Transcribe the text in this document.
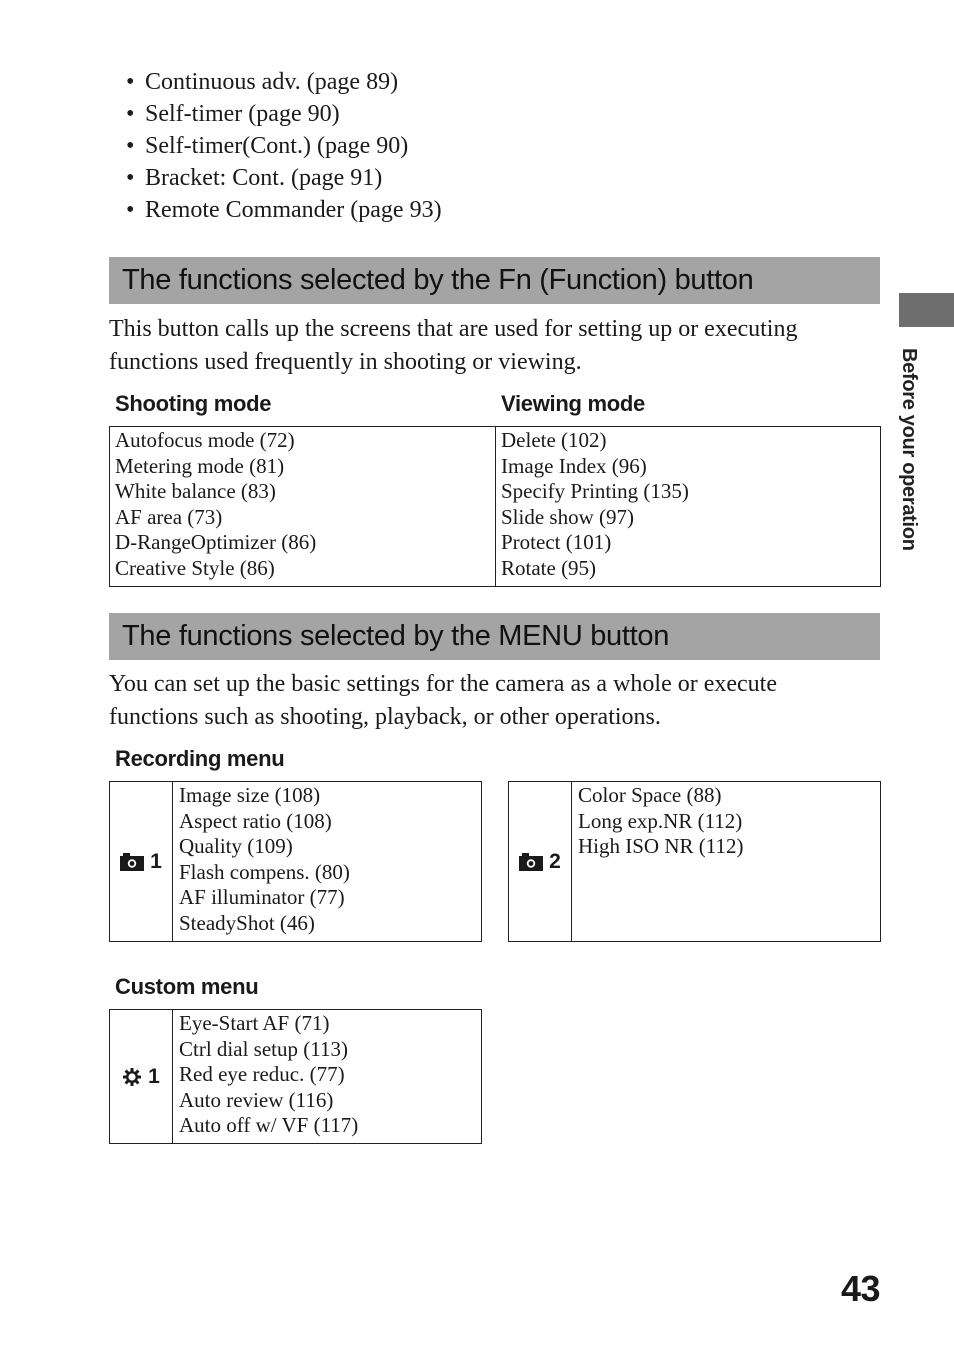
• Continuous adv. (page 89)
• Self-timer (page 90)
• Self-timer(Cont.) (page 90)
• Bracket: Cont. (page 91)
• Remote Commander (page 93)
The functions selected by the Fn (Function) button
This button calls up the screens that are used for setting up or executing functions used frequently in shooting or viewing.
Shooting mode	Viewing mode
Autofocus mode (72)
Metering mode (81)
White balance (83)
AF area (73)
D-RangeOptimizer (86)
Creative Style (86)
Delete (102)
Image Index (96)
Specify Printing (135)
Slide show (97)
Protect (101)
Rotate (95)
The functions selected by the MENU button
You can set up the basic settings for the camera as a whole or execute functions such as shooting, playback, or other operations.
Recording menu
1
Image size (108)
Aspect ratio (108)
Quality (109)
Flash compens. (80)
AF illuminator (77)
SteadyShot (46)
2
Color Space (88)
Long exp.NR (112)
High ISO NR (112)
Custom menu
1
Eye-Start AF (71)
Ctrl dial setup (113)
Red eye reduc. (77)
Auto review (116)
Auto off w/ VF (117)
Before your operation
43
